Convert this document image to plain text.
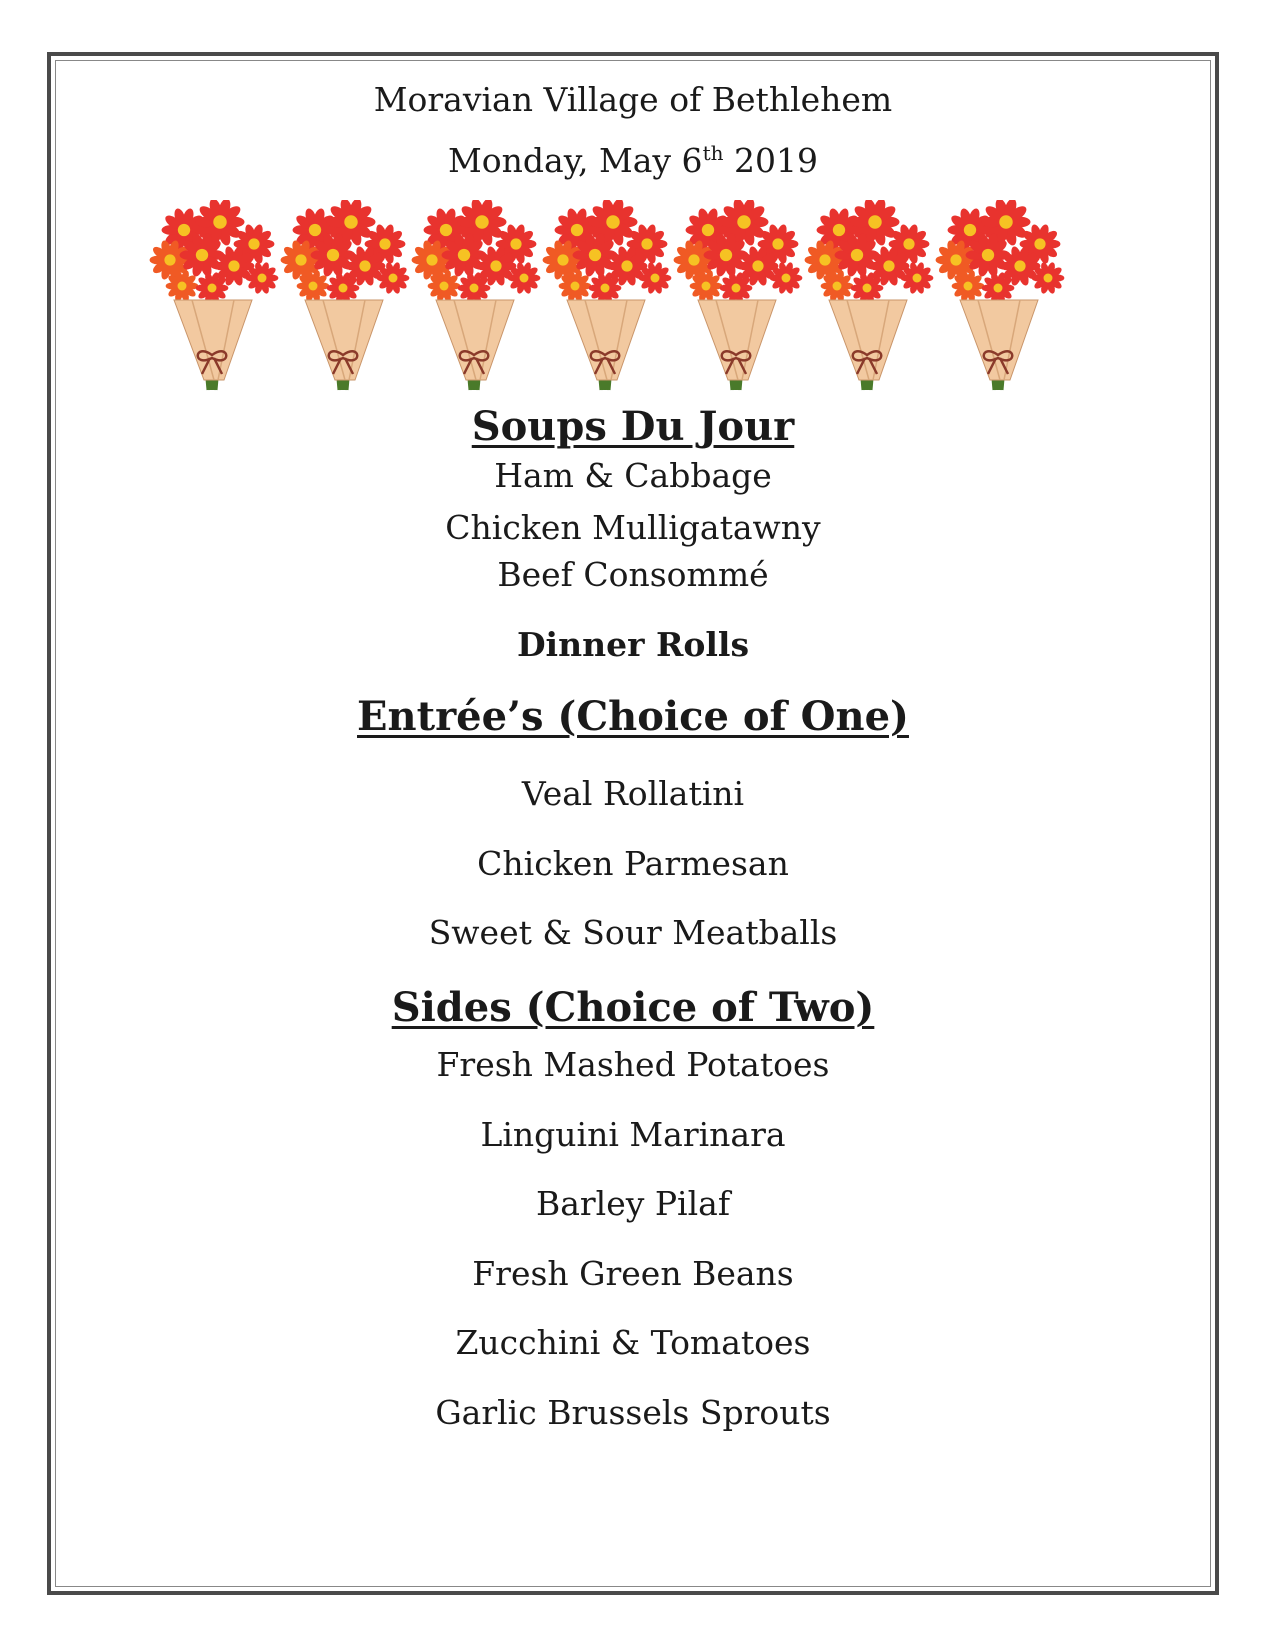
Moravian Village of Bethlehem
Monday, May 6th 2019
Soups Du Jour
Ham & Cabbage
Chicken Mulligatawny
Beef Consommé
Dinner Rolls
Entrée’s (Choice of One)
Veal Rollatini
Chicken Parmesan
Sweet & Sour Meatballs
Sides (Choice of Two)
Fresh Mashed Potatoes
Linguini Marinara
Barley Pilaf
Fresh Green Beans
Zucchini & Tomatoes
Garlic Brussels Sprouts
